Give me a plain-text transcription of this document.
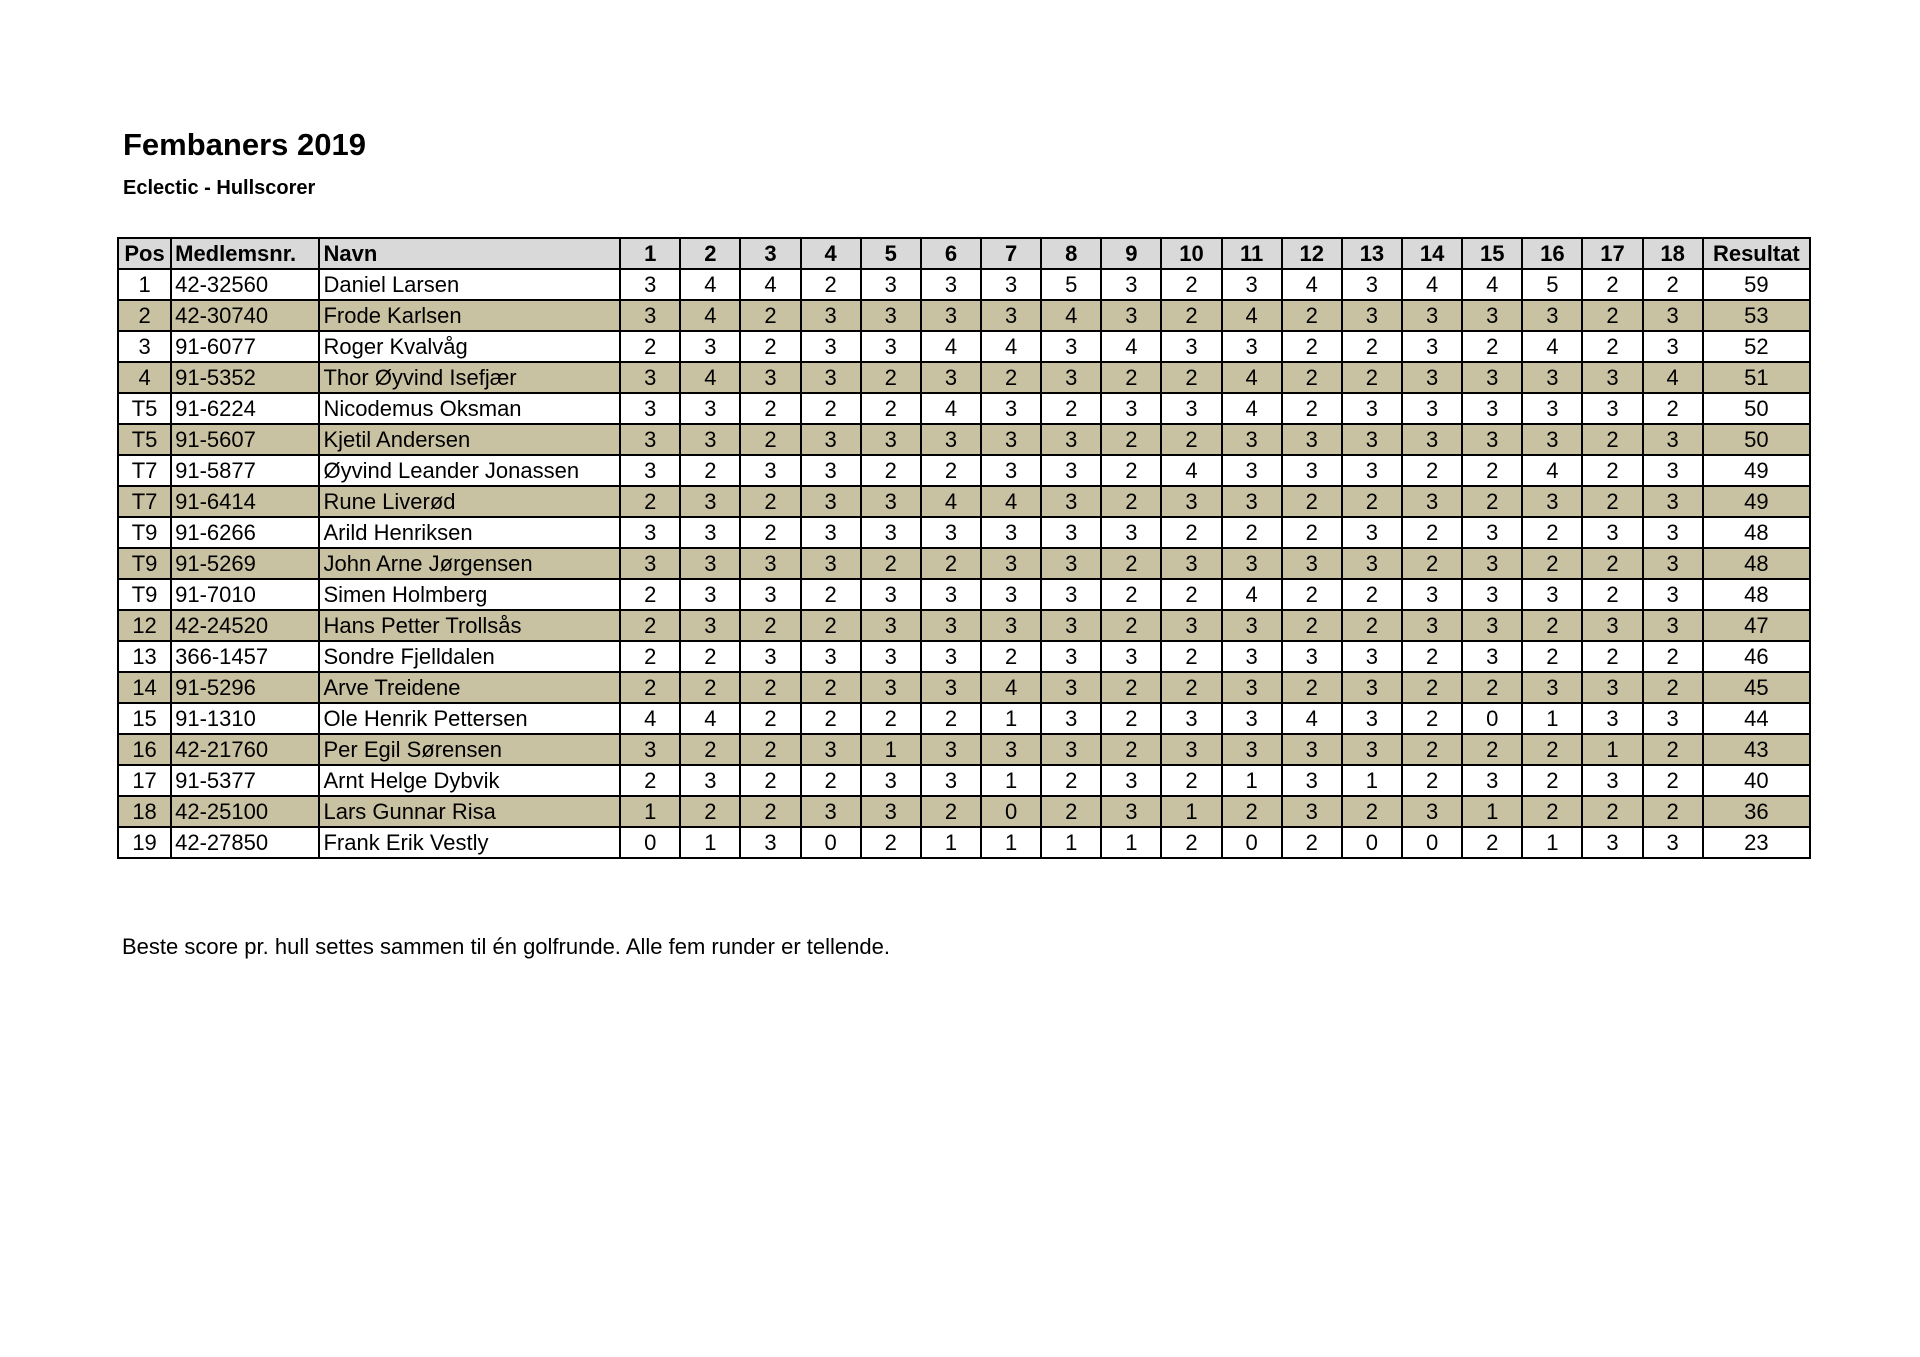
Fembaners 2019
Eclectic - Hullscorer
Pos	Medlemsnr.	Navn	1	2	3	4	5	6	7	8	9	10	11	12	13	14	15	16	17	18	Resultat
1	42-32560	Daniel Larsen	3	4	4	2	3	3	3	5	3	2	3	4	3	4	4	5	2	2	59
2	42-30740	Frode Karlsen	3	4	2	3	3	3	3	4	3	2	4	2	3	3	3	3	2	3	53
3	91-6077	Roger Kvalvåg	2	3	2	3	3	4	4	3	4	3	3	2	2	3	2	4	2	3	52
4	91-5352	Thor Øyvind Isefjær	3	4	3	3	2	3	2	3	2	2	4	2	2	3	3	3	3	4	51
T5	91-6224	Nicodemus Oksman	3	3	2	2	2	4	3	2	3	3	4	2	3	3	3	3	3	2	50
T5	91-5607	Kjetil Andersen	3	3	2	3	3	3	3	3	2	2	3	3	3	3	3	3	2	3	50
T7	91-5877	Øyvind Leander Jonassen	3	2	3	3	2	2	3	3	2	4	3	3	3	2	2	4	2	3	49
T7	91-6414	Rune Liverød	2	3	2	3	3	4	4	3	2	3	3	2	2	3	2	3	2	3	49
T9	91-6266	Arild Henriksen	3	3	2	3	3	3	3	3	3	2	2	2	3	2	3	2	3	3	48
T9	91-5269	John Arne Jørgensen	3	3	3	3	2	2	3	3	2	3	3	3	3	2	3	2	2	3	48
T9	91-7010	Simen Holmberg	2	3	3	2	3	3	3	3	2	2	4	2	2	3	3	3	2	3	48
12	42-24520	Hans Petter Trollsås	2	3	2	2	3	3	3	3	2	3	3	2	2	3	3	2	3	3	47
13	366-1457	Sondre Fjelldalen	2	2	3	3	3	3	2	3	3	2	3	3	3	2	3	2	2	2	46
14	91-5296	Arve Treidene	2	2	2	2	3	3	4	3	2	2	3	2	3	2	2	3	3	2	45
15	91-1310	Ole Henrik Pettersen	4	4	2	2	2	2	1	3	2	3	3	4	3	2	0	1	3	3	44
16	42-21760	Per Egil Sørensen	3	2	2	3	1	3	3	3	2	3	3	3	3	2	2	2	1	2	43
17	91-5377	Arnt Helge Dybvik	2	3	2	2	3	3	1	2	3	2	1	3	1	2	3	2	3	2	40
18	42-25100	Lars Gunnar Risa	1	2	2	3	3	2	0	2	3	1	2	3	2	3	1	2	2	2	36
19	42-27850	Frank Erik Vestly	0	1	3	0	2	1	1	1	1	2	0	2	0	0	2	1	3	3	23

Beste score pr. hull settes sammen til én golfrunde. Alle fem runder er tellende.
